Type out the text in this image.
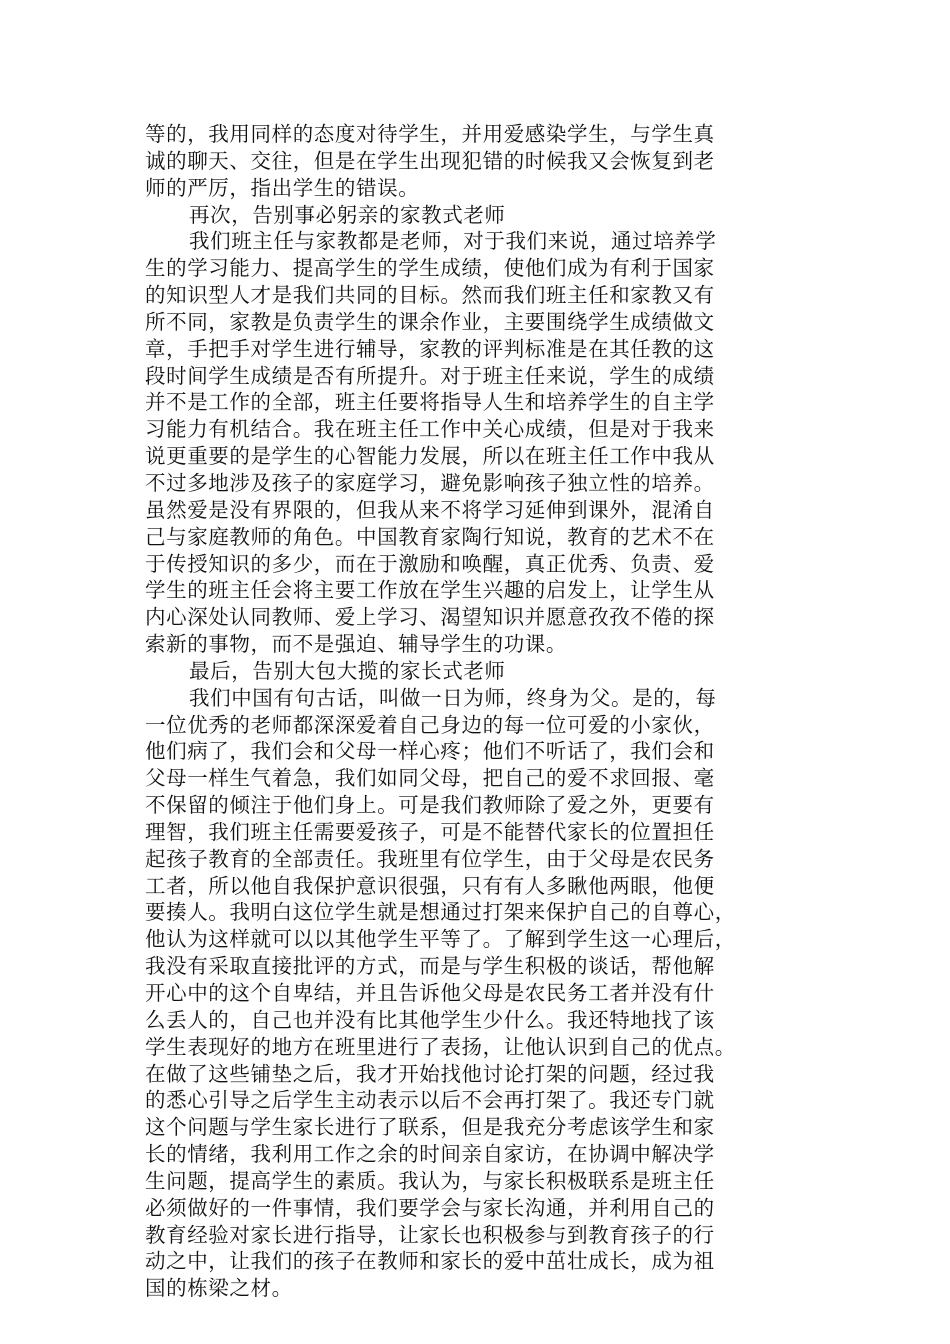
等的，我用同样的态度对待学生，并用爱感染学生，与学生真
诚的聊天、交往，但是在学生出现犯错的时候我又会恢复到老
师的严厉，指出学生的错误。
再次，告别事必躬亲的家教式老师
我们班主任与家教都是老师，对于我们来说，通过培养学
生的学习能力、提高学生的学生成绩，使他们成为有利于国家
的知识型人才是我们共同的目标。然而我们班主任和家教又有
所不同，家教是负责学生的课余作业，主要围绕学生成绩做文
章，手把手对学生进行辅导，家教的评判标准是在其任教的这
段时间学生成绩是否有所提升。对于班主任来说，学生的成绩
并不是工作的全部，班主任要将指导人生和培养学生的自主学
习能力有机结合。我在班主任工作中关心成绩，但是对于我来
说更重要的是学生的心智能力发展，所以在班主任工作中我从
不过多地涉及孩子的家庭学习，避免影响孩子独立性的培养。
虽然爱是没有界限的，但我从来不将学习延伸到课外，混淆自
己与家庭教师的角色。中国教育家陶行知说，教育的艺术不在
于传授知识的多少，而在于激励和唤醒，真正优秀、负责、爱
学生的班主任会将主要工作放在学生兴趣的启发上，让学生从
内心深处认同教师、爱上学习、渴望知识并愿意孜孜不倦的探
索新的事物，而不是强迫、辅导学生的功课。
最后，告别大包大揽的家长式老师
我们中国有句古话，叫做一日为师，终身为父。是的，每
一位优秀的老师都深深爱着自己身边的每一位可爱的小家伙，
他们病了，我们会和父母一样心疼；他们不听话了，我们会和
父母一样生气着急，我们如同父母，把自己的爱不求回报、毫
不保留的倾注于他们身上。可是我们教师除了爱之外，更要有
理智，我们班主任需要爱孩子，可是不能替代家长的位置担任
起孩子教育的全部责任。我班里有位学生，由于父母是农民务
工者，所以他自我保护意识很强，只有有人多瞅他两眼，他便
要揍人。我明白这位学生就是想通过打架来保护自己的自尊心，
他认为这样就可以以其他学生平等了。了解到学生这一心理后，
我没有采取直接批评的方式，而是与学生积极的谈话，帮他解
开心中的这个自卑结，并且告诉他父母是农民务工者并没有什
么丢人的，自己也并没有比其他学生少什么。我还特地找了该
学生表现好的地方在班里进行了表扬，让他认识到自己的优点。
在做了这些铺垫之后，我才开始找他讨论打架的问题，经过我
的悉心引导之后学生主动表示以后不会再打架了。我还专门就
这个问题与学生家长进行了联系，但是我充分考虑该学生和家
长的情绪，我利用工作之余的时间亲自家访，在协调中解决学
生问题，提高学生的素质。我认为，与家长积极联系是班主任
必须做好的一件事情，我们要学会与家长沟通，并利用自己的
教育经验对家长进行指导，让家长也积极参与到教育孩子的行
动之中，让我们的孩子在教师和家长的爱中茁壮成长，成为祖
国的栋梁之材。
